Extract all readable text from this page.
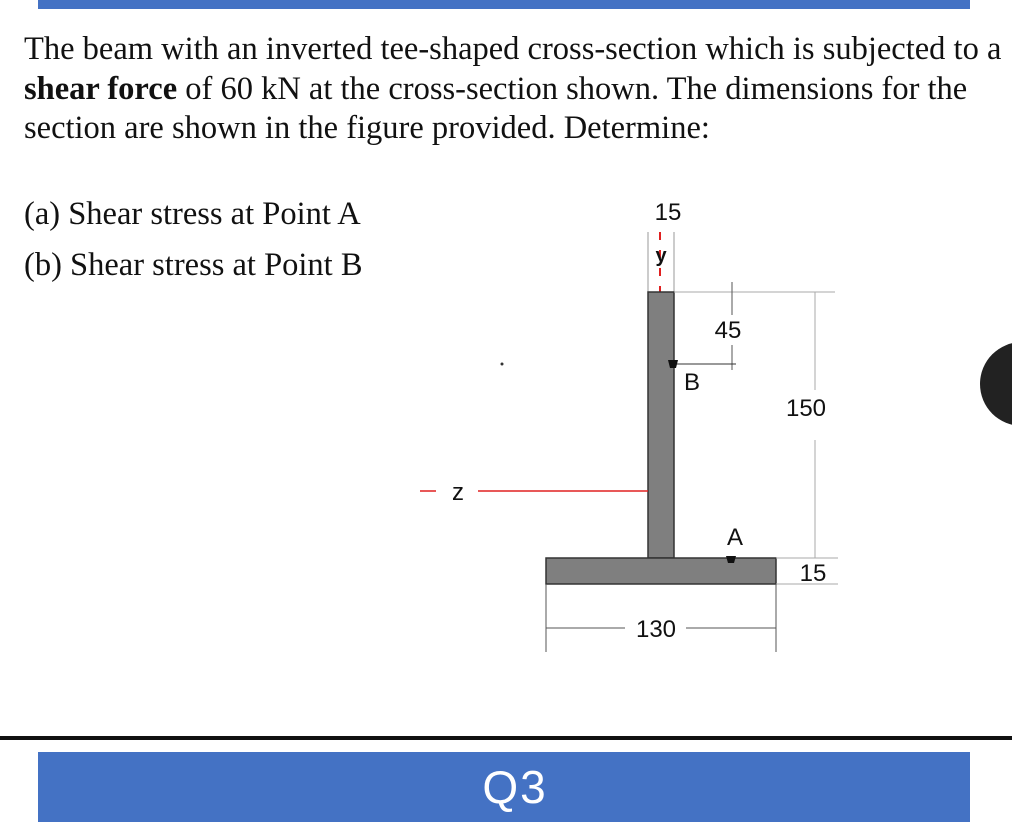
The beam with an inverted tee-shaped cross-section which is subjected to a shear force of 60 kN at the cross-section shown. The dimensions for the section are shown in the figure provided. Determine:
(a) Shear stress at Point A
(b) Shear stress at Point B
z
150
45
B
A
15
130
15
y
Q3
